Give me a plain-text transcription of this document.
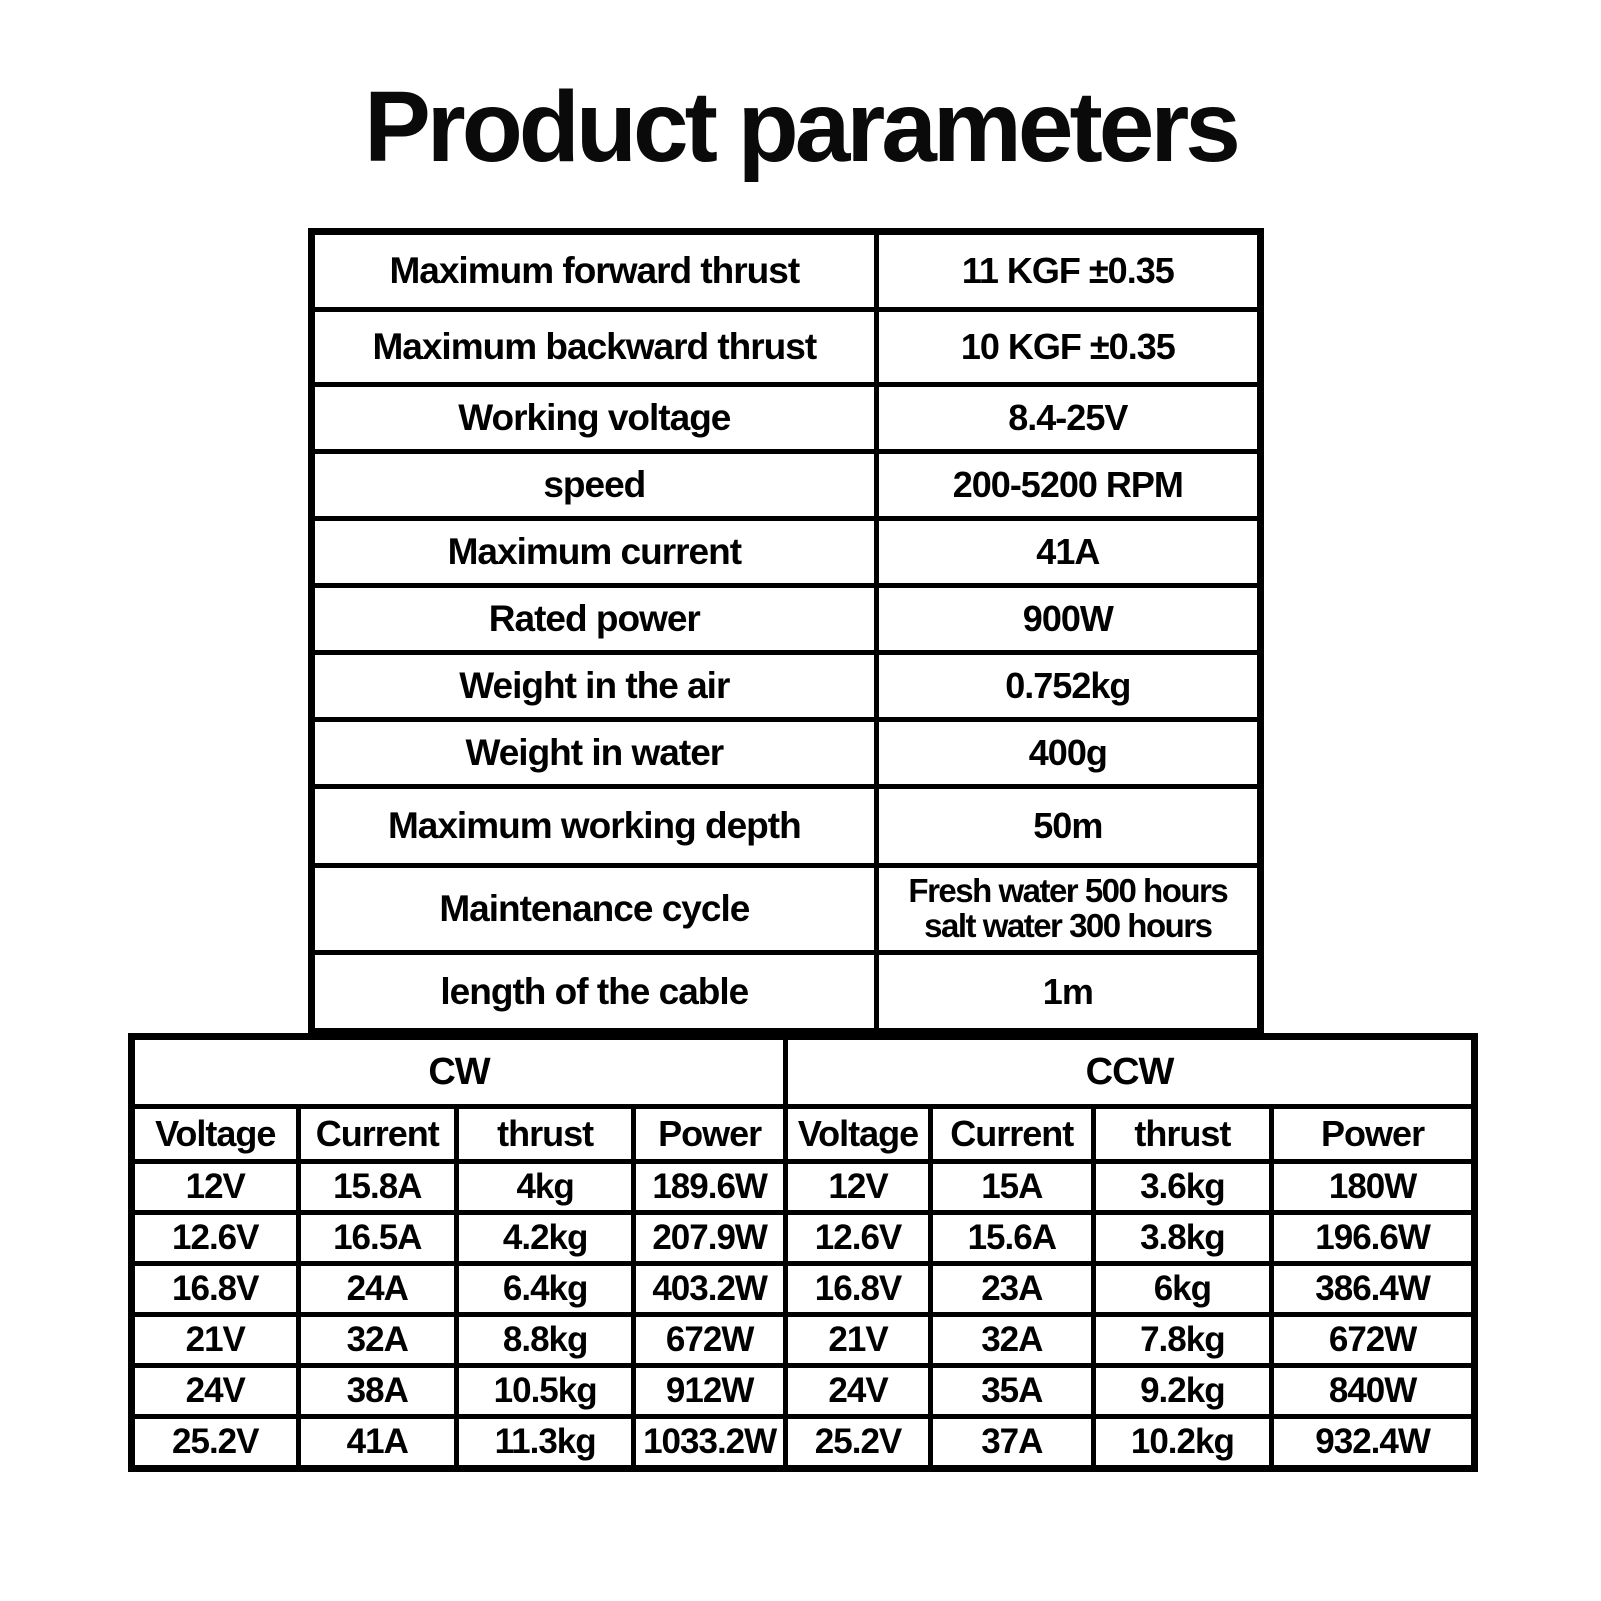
Product parameters
Maximum forward thrust	11 KGF ±0.35
Maximum backward thrust	10 KGF ±0.35
Working voltage	8.4-25V
speed	200-5200 RPM
Maximum current	41A
Rated power	900W
Weight in the air	0.752kg
Weight in water	400g
Maximum working depth	50m
Maintenance cycle	Fresh water 500 hours
salt water 300 hours

length of the cable	1m
CW				CCW			
Voltage	Current	thrust	Power	Voltage	Current	thrust	Power
12V	15.8A	4kg	189.6W	12V	15A	3.6kg	180W
12.6V	16.5A	4.2kg	207.9W	12.6V	15.6A	3.8kg	196.6W
16.8V	24A	6.4kg	403.2W	16.8V	23A	6kg	386.4W
21V	32A	8.8kg	672W	21V	32A	7.8kg	672W
24V	38A	10.5kg	912W	24V	35A	9.2kg	840W
25.2V	41A	11.3kg	1033.2W	25.2V	37A	10.2kg	932.4W
